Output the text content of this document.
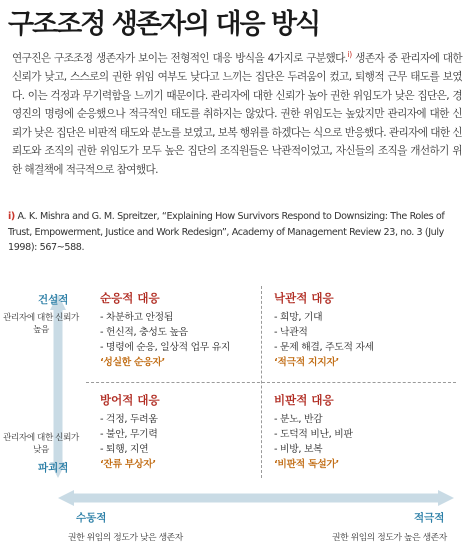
구조조정 생존자의 대응 방식
연구진은 구조조정 생존자가 보이는 전형적인 대응 방식을 4가지로 구분했다.$^{i)}$ 생존자 중 관리자에 대한 신뢰가 낮고, 스스로의 권한 위임 여부도 낮다고 느끼는 집단은 두려움이 컸고, 퇴행적 근무 태도를 보였다. 이는 걱정과 무기력함을 느끼기 때문이다. 관리자에 대한 신뢰가 높아 권한 위임도가 낮은 집단은, 경영진의 명령에 순응했으나 적극적인 태도를 취하지는 않았다. 권한 위임도는 높았지만 관리자에 대한 신뢰가 낮은 집단은 비판적 태도와 분노를 보였고, 보복 행위를 하겠다는 식으로 반응했다. 관리자에 대한 신뢰도와 조직의 권한 위임도가 모두 높은 집단의 조직원들은 낙관적이었고, 자신들의 조직을 개선하기 위한 해결책에 적극적으로 참여했다.
i) A. K. Mishra and G. M. Spreitzer, “Explaining How Survivors Respond to Downsizing: The Roles of Trust, Empowerment, Justice and Work Redesign”, Academy of Management Review 23, no. 3 (July 1998): 567~588.
건설적
관리자에 대한 신뢰가 높음
관리자에 대한 신뢰가 낮음
파괴적
수동적
권한 위임의 정도가 낮은 생존자
적극적
권한 위임의 정도가 높은 생존자
순응적 대응
- 차분하고 안정됨
- 헌신적, 충성도 높음
- 명령에 순응, 일상적 업무 유지
‘성실한 순응자’
낙관적 대응
- 희망, 기대
- 낙관적
- 문제 해결, 주도적 자세
‘적극적 지지자’
방어적 대응
- 걱정, 두려움
- 불안, 무기력
- 퇴행, 지연
‘잔류 부상자’
비판적 대응
- 분노, 반감
- 도덕적 비난, 비판
- 비방, 보복
‘비판적 독설가’
